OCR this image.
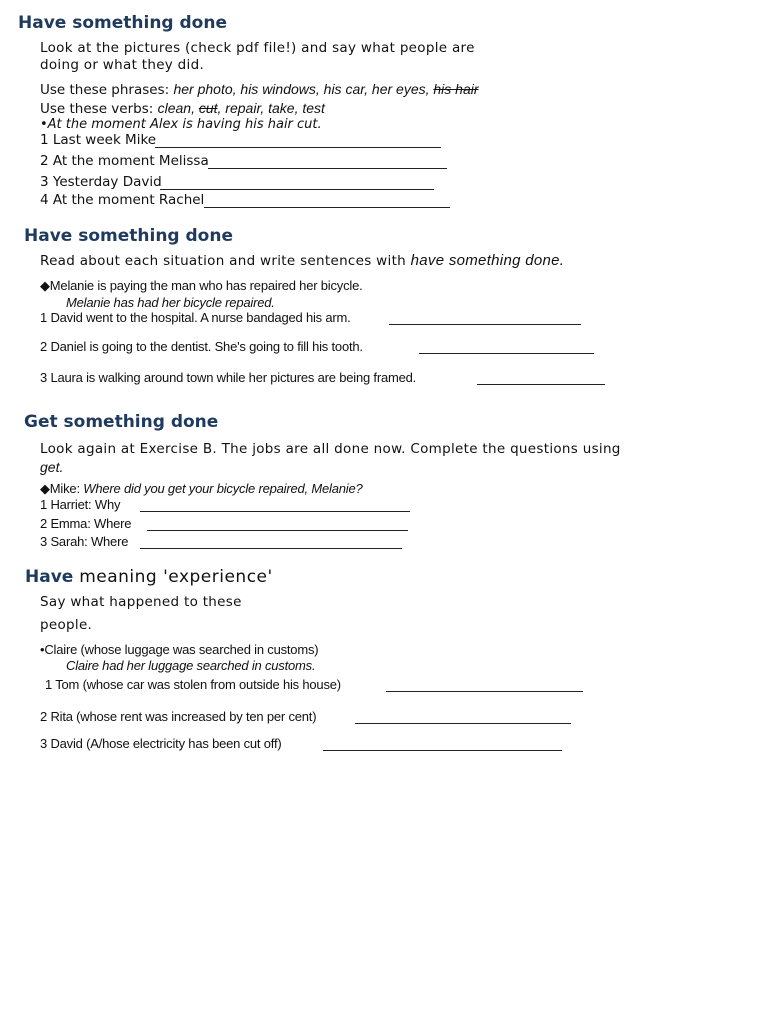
Have something done
Look at the pictures (check pdf file!) and say what people are
doing or what they did.
Use these phrases: her photo, his windows, his car, her eyes, his hair
Use these verbs: clean, cut, repair, take, test
•At the moment Alex is having his hair cut.
1 Last week Mike
2 At the moment Melissa
3 Yesterday David
4 At the moment Rachel
Have something done
Read about each situation and write sentences with have something done.
◆Melanie is paying the man who has repaired her bicycle.
Melanie has had her bicycle repaired.
1 David went to the hospital. A nurse bandaged his arm.
2 Daniel is going to the dentist. She's going to fill his tooth.
3 Laura is walking around town while her pictures are being framed.
Get something done
Look again at Exercise B. The jobs are all done now. Complete the questions using
get.
◆Mike: Where did you get your bicycle repaired, Melanie?
1 Harriet: Why
2 Emma: Where
3 Sarah: Where
Have meaning 'experience'
Say what happened to these
people.
•Claire (whose luggage was searched in customs)
Claire had her luggage searched in customs.
1 Tom (whose car was stolen from outside his house)
2 Rita (whose rent was increased by ten per cent)
3 David (A/hose electricity has been cut off)
